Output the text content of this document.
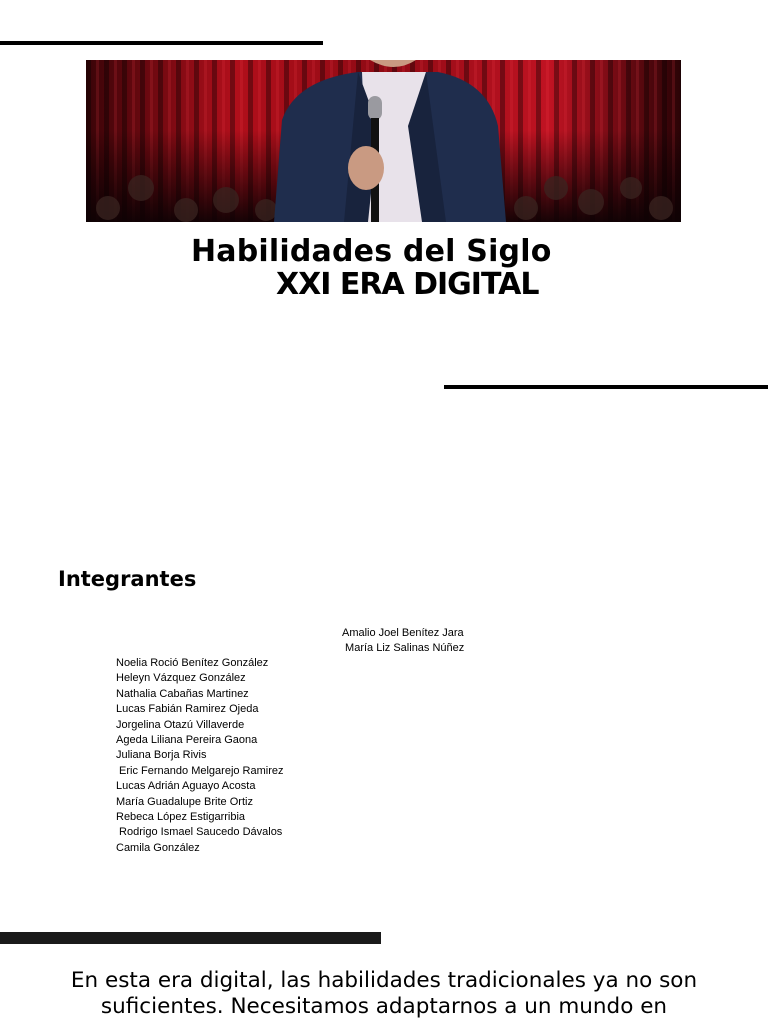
Habilidades del Siglo
XXI ERA DIGITAL
Integrantes
Amalio Joel Benítez Jara
María Liz Salinas Núñez
Noelia Roció Benítez González
Heleyn Vázquez González
Nathalia Cabañas Martinez
Lucas Fabián Ramirez Ojeda
Jorgelina Otazú Villaverde
Ageda Liliana Pereira Gaona
Juliana Borja Rivis
Eric Fernando Melgarejo Ramirez
Lucas Adrián Aguayo Acosta
María Guadalupe Brite Ortiz
Rebeca López Estigarribia
Rodrigo Ismael Saucedo Dávalos
Camila González
En esta era digital, las habilidades tradicionales ya no son
suficientes. Necesitamos adaptarnos a un mundo en
